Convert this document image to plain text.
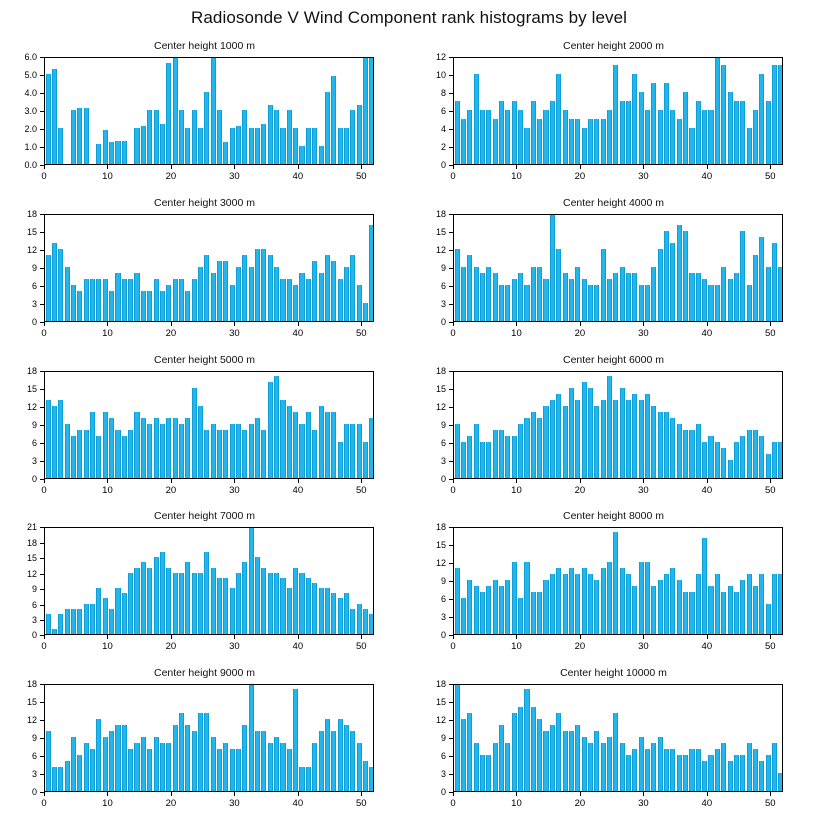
Radiosonde V Wind Component rank histograms by level
Center height 1000 m
0.0
1.0
2.0
3.0
4.0
5.0
6.0
0	10	20	30	40	50
Center height 2000 m
0
2
4
6
8
10
12
0	10	20	30	40	50
Center height 3000 m
0
3
6
9
12
15
18
0	10	20	30	40	50
Center height 4000 m
0
3
6
9
12
15
18
0	10	20	30	40	50
Center height 5000 m
0
3
6
9
12
15
18
0	10	20	30	40	50
Center height 6000 m
0
3
6
9
12
15
18
0	10	20	30	40	50
Center height 7000 m
0
3
6
9
12
15
18
21
0	10	20	30	40	50
Center height 8000 m
0
3
6
9
12
15
18
0	10	20	30	40	50
Center height 9000 m
0
3
6
9
12
15
18
0	10	20	30	40	50
Center height 10000 m
0
3
6
9
12
15
18
0	10	20	30	40	50
